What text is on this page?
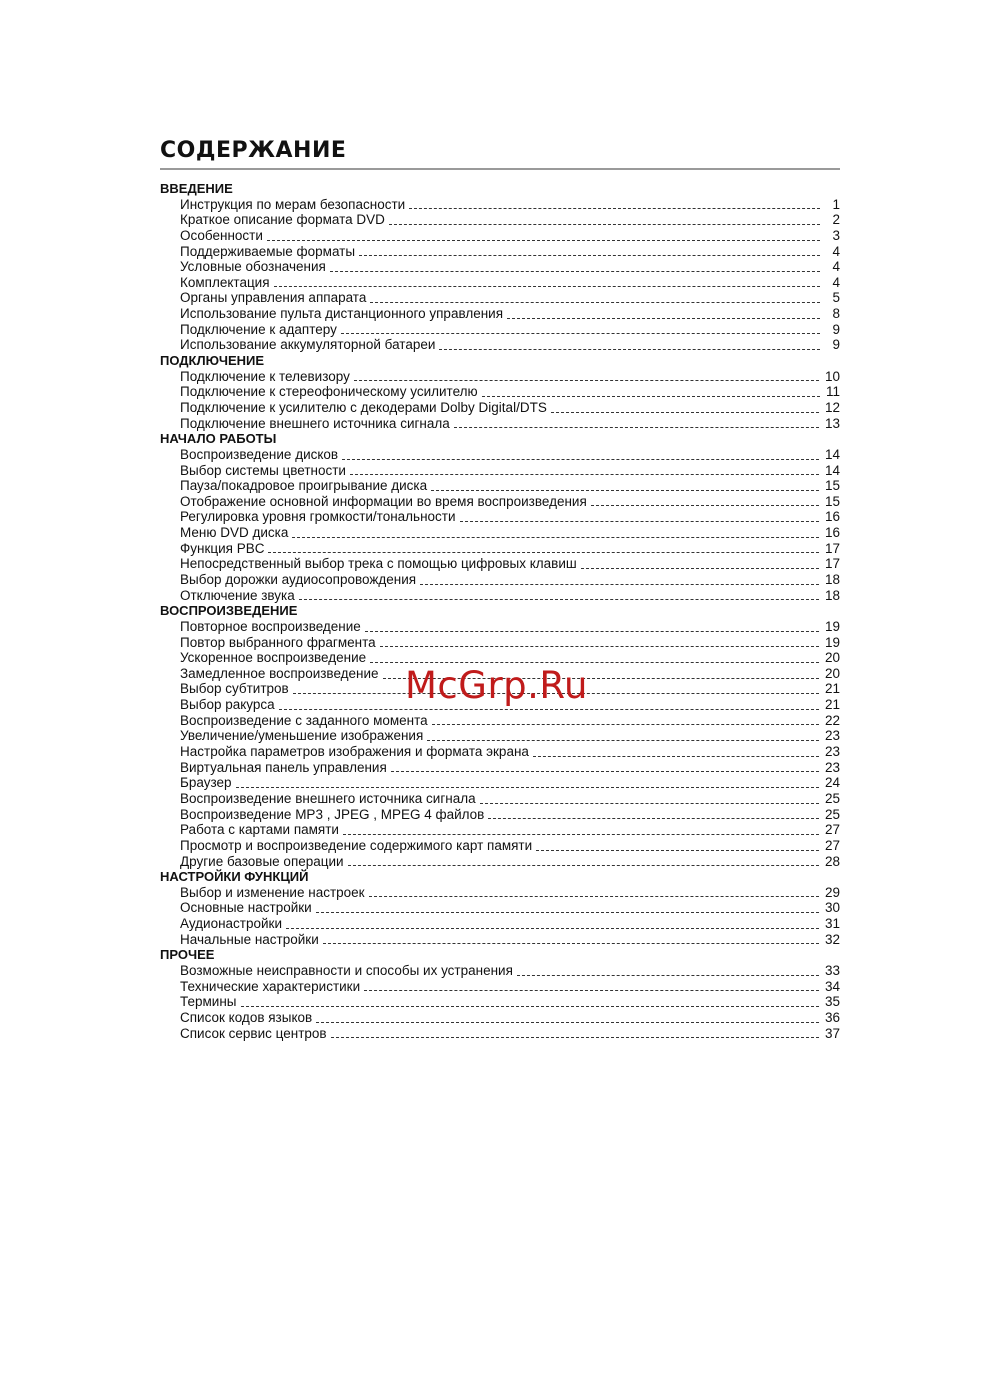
СОДЕРЖАНИЕ
ВВЕДЕНИЕ
Инструкция по мерам безопасности	1
Краткое описание формата DVD	2
Особенности	3
Поддерживаемые форматы	4
Условные обозначения	4
Комплектация	4
Органы управления аппарата	5
Использование пульта дистанционного управления	8
Подключение к адаптеру	9
Использование аккумуляторной батареи	9
ПОДКЛЮЧЕНИЕ
Подключение к телевизору	10
Подключение к стереофоническому усилителю	11
Подключение к усилителю с декодерами Dolby Digital/DTS	12
Подключение внешнего источника сигнала	13
НАЧАЛО РАБОТЫ
Воспроизведение дисков	14
Выбор системы цветности	14
Пауза/покадровое проигрывание диска	15
Отображение основной информации во время воспроизведения	15
Регулировка уровня громкости/тональности	16
Меню DVD диска	16
Функция PBC	17
Непосредственный выбор трека с помощью цифровых клавиш	17
Выбор дорожки аудиосопровождения	18
Отключение звука	18
ВОСПРОИЗВЕДЕНИЕ
Повторное воспроизведение	19
Повтор выбранного фрагмента	19
Ускоренное воспроизведение	20
Замедленное воспроизведение	20
Выбор субтитров	21
Выбор ракурса	21
Воспроизведение с заданного момента	22
Увеличение/уменьшение изображения	23
Настройка параметров изображения и формата экрана	23
Виртуальная панель управления	23
Браузер	24
Воспроизведение внешнего источника сигнала	25
Воспроизведение MP3 , JPEG , MPEG 4 файлов	25
Работа с картами памяти	27
Просмотр и воспроизведение содержимого карт памяти	27
Другие базовые операции	28
НАСТРОЙКИ ФУНКЦИЙ
Выбор и изменение настроек	29
Основные настройки	30
Аудионастройки	31
Начальные настройки	32
ПРОЧЕЕ
Возможные неисправности и способы их устранения	33
Технические характеристики	34
Термины	35
Список кодов языков	36
Список сервис центров	37
McGrp.Ru
